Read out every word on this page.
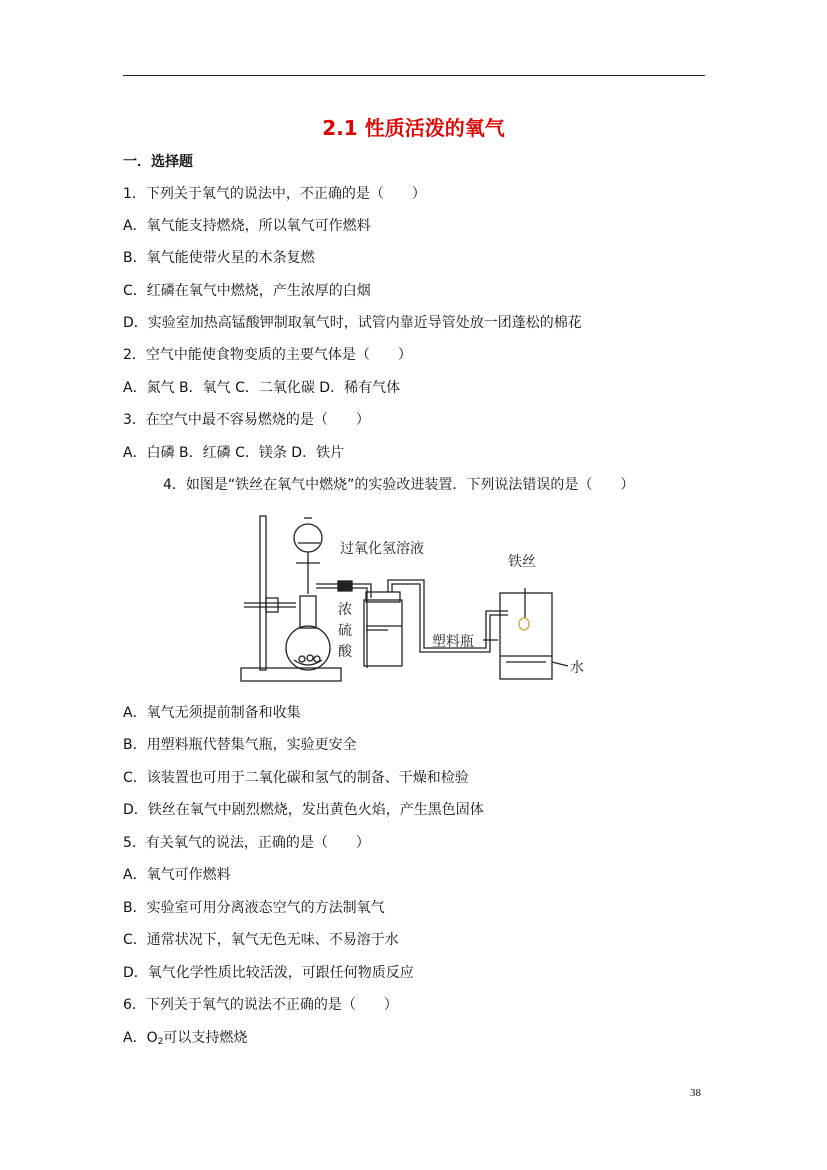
2.1 性质活泼的氧气
一．选择题
1．下列关于氧气的说法中，不正确的是（　　）
A．氧气能支持燃烧，所以氧气可作燃料
B．氧气能使带火星的木条复燃
C．红磷在氧气中燃烧，产生浓厚的白烟
D．实验室加热高锰酸钾制取氧气时，试管内靠近导管处放一团蓬松的棉花
2．空气中能使食物变质的主要气体是（　　）
A．氮气 B．氧气 C．二氧化碳 D．稀有气体
3．在空气中最不容易燃烧的是（　　）
A．白磷 B．红磷 C．镁条 D．铁片
4．如图是“铁丝在氧气中燃烧”的实验改进装置．下列说法错误的是（　　）
过氧化氢溶液
浓
硫
酸
铁丝
塑料瓶
水
A．氧气无须提前制备和收集
B．用塑料瓶代替集气瓶，实验更安全
C．该装置也可用于二氧化碳和氢气的制备、干燥和检验
D．铁丝在氧气中剧烈燃烧，发出黄色火焰，产生黑色固体
5．有关氧气的说法，正确的是（　　）
A．氧气可作燃料
B．实验室可用分离液态空气的方法制氧气
C．通常状况下，氧气无色无味、不易溶于水
D．氧气化学性质比较活泼，可跟任何物质反应
6．下列关于氧气的说法不正确的是（　　）
A．$O_2$可以支持燃烧
38
